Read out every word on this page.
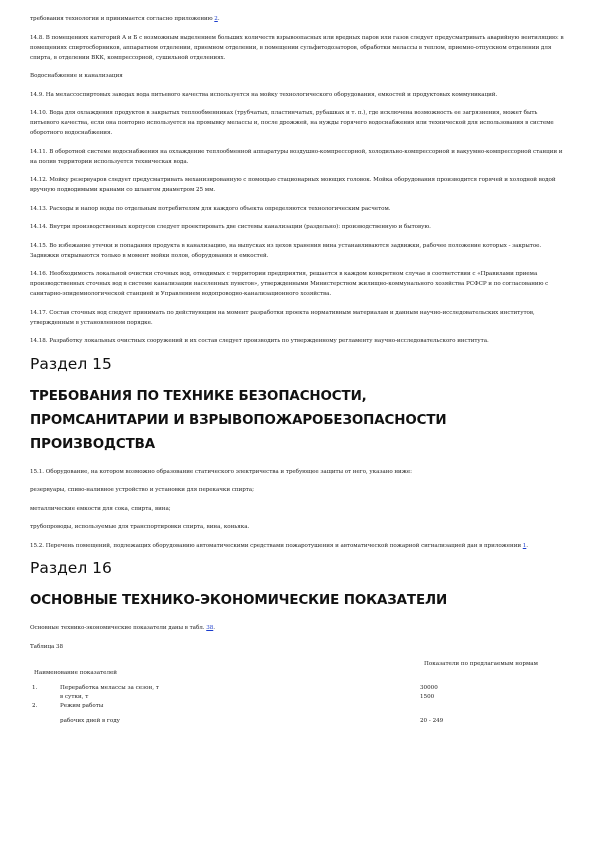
требования технологии и принимается согласно приложению 2.

14.8. В помещениях категорий А и Б с возможным выделением больших количеств взрывоопасных или вредных паров или газов следует предусматривать аварийную вентиляцию: в помещениях спиртосборников, аппаратном отделении, приемном отделении, в помещении сульфитодозаторов, обработки мелассы в теплом, приемно-отпускном отделении для спирта, в отделении ВКК, компрессорной, сушильной отделениях.

Водоснабжение и канализация

14.9. На мелассоспиртовых заводах вода питьевого качества используется на мойку технологического оборудования, емкостей и продуктовых коммуникаций.

14.10. Вода для охлаждения продуктов в закрытых теплообменниках (трубчатых, пластинчатых, рубашках и т. п.), где исключена возможность ее загрязнения, может быть питьевого качества, если она повторно используется на промывку мелассы и, после дрожжей, на нужды горячего водоснабжения или технической для использования в системе оборотного водоснабжения.

14.11. В оборотной системе водоснабжения на охлаждение теплообменной аппаратуры воздушно-компрессорной, холодильно-компрессорной и вакуумно-компрессорной станции и на полив территории используется техническая вода.

14.12. Мойку резервуаров следует предусматривать механизированную с помощью стационарных моющих головок. Мойка оборудования производится горячей и холодной водой вручную подводимыми кранами со шлангом диаметром 25 мм.

14.13. Расходы и напор воды по отдельным потребителям для каждого объекта определяются технологическим расчетом.

14.14. Внутри производственных корпусов следует проектировать две системы канализации (раздельно): производственную и бытовую.

14.15. Во избежание утечки и попадания продукта в канализацию, на выпусках из цехов хранения вина устанавливаются задвижки, рабочее положение которых - закрытое. Задвижки открываются только в момент мойки полов, оборудования и емкостей.

14.16. Необходимость локальной очистки сточных вод, отводимых с территории предприятия, решается в каждом конкретном случае в соответствии с «Правилами приема производственных сточных вод в системе канализации населенных пунктов», утвержденными Министерством жилищно-коммунального хозяйства РСФСР и по согласованию с санитарно-эпидемиологической станцией и Управлением водопроводно-канализационного хозяйства.

14.17. Состав сточных вод следует принимать по действующим на момент разработки проекта нормативным материалам и данным научно-исследовательских институтов, утвержденным в установленном порядке.

14.18. Разработку локальных очистных сооружений и их состав следует производить по утвержденному регламенту научно-исследовательского института.

Раздел 15
ТРЕБОВАНИЯ ПО ТЕХНИКЕ БЕЗОПАСНОСТИ,
ПРОМСАНИТАРИИ И ВЗРЫВОПОЖАРОБЕЗОПАСНОСТИ
ПРОИЗВОДСТВА

15.1. Оборудование, на котором возможно образование статического электричества и требующее защиты от него, указано ниже:

резервуары, спиво-наливное устройство и установки для перекачки спирта;

металлические емкости для сока, спирта, вина;

трубопроводы, используемые для транспортировки спирта, вина, коньяка.

15.2. Перечень помещений, подлежащих оборудованию автоматическими средствами пожаротушения и автоматической пожарной сигнализацией дан в приложении 1.

Раздел 16
ОСНОВНЫЕ ТЕХНИКО-ЭКОНОМИЧЕСКИЕ ПОКАЗАТЕЛИ

Основные технико-экономические показатели даны в табл. 38.

Таблица 38

Наименование показателей
Показатели по предлагаемым нормам
1.	Переработка мелассы за сезон, т	30000
в сутки, т	1500
2.	Режим работы
рабочих дней в году	20 - 249
